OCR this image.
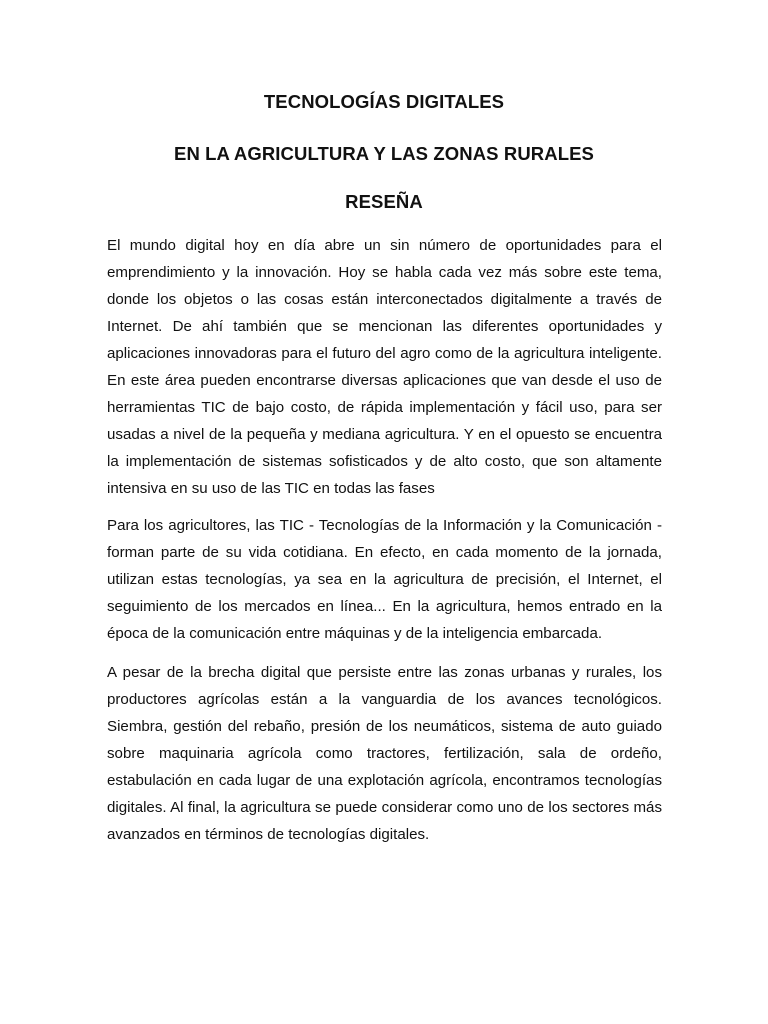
TECNOLOGÍAS DIGITALES
EN LA AGRICULTURA Y LAS ZONAS RURALES
RESEÑA

El mundo digital hoy en día abre un sin número de oportunidades para el emprendimiento y la innovación. Hoy se habla cada vez más sobre este tema, donde los objetos o las cosas están interconectados digitalmente a través de Internet. De ahí también que se mencionan las diferentes oportunidades y aplicaciones innovadoras para el futuro del agro como de la agricultura inteligente. En este área pueden encontrarse diversas aplicaciones que van desde el uso de herramientas TIC de bajo costo, de rápida implementación y fácil uso, para ser usadas a nivel de la pequeña y mediana agricultura. Y en el opuesto se encuentra la implementación de sistemas sofisticados y de alto costo, que son altamente intensiva en su uso de las TIC en todas las fases

Para los agricultores, las TIC - Tecnologías de la Información y la Comunicación - forman parte de su vida cotidiana. En efecto, en cada momento de la jornada, utilizan estas tecnologías, ya sea en la agricultura de precisión, el Internet, el seguimiento de los mercados en línea... En la agricultura, hemos entrado en la época de la comunicación entre máquinas y de la inteligencia embarcada.

A pesar de la brecha digital que persiste entre las zonas urbanas y rurales, los productores agrícolas están a la vanguardia de los avances tecnológicos. Siembra, gestión del rebaño, presión de los neumáticos, sistema de auto guiado sobre maquinaria agrícola como tractores, fertilización, sala de ordeño, estabulación en cada lugar de una explotación agrícola, encontramos tecnologías digitales. Al final, la agricultura se puede considerar como uno de los sectores más avanzados en términos de tecnologías digitales.
